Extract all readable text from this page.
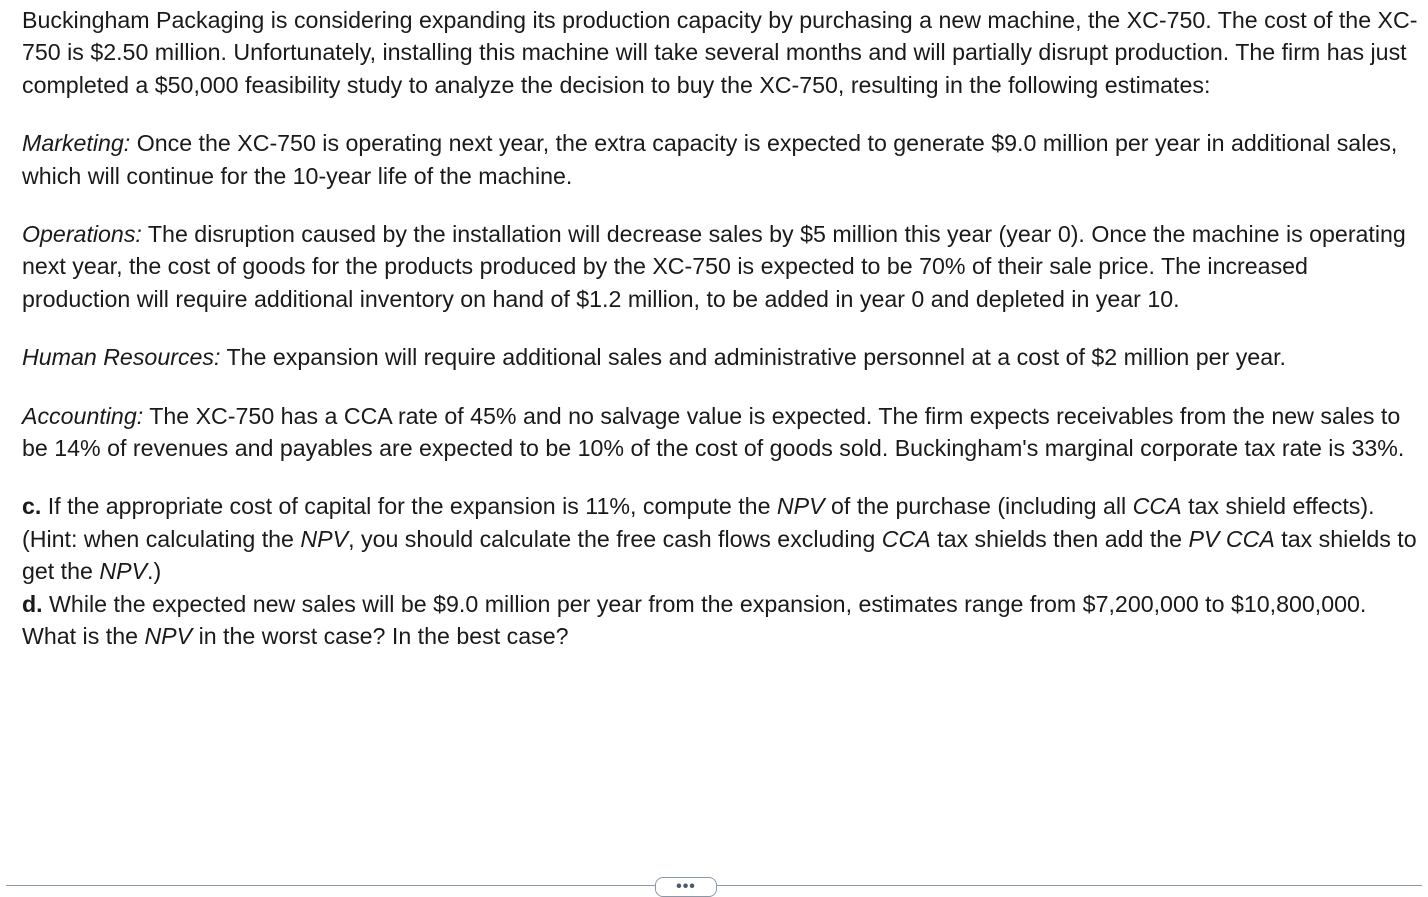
Buckingham Packaging is considering expanding its production capacity by purchasing a new machine, the XC-750. The cost of the XC-750 is $2.50 million. Unfortunately, installing this machine will take several months and will partially disrupt production. The firm has just completed a $50,000 feasibility study to analyze the decision to buy the XC-750, resulting in the following estimates:

Marketing: Once the XC-750 is operating next year, the extra capacity is expected to generate $9.0 million per year in additional sales, which will continue for the 10-year life of the machine.

Operations: The disruption caused by the installation will decrease sales by $5 million this year (year 0). Once the machine is operating next year, the cost of goods for the products produced by the XC-750 is expected to be 70% of their sale price. The increased production will require additional inventory on hand of $1.2 million, to be added in year 0 and depleted in year 10.

Human Resources: The expansion will require additional sales and administrative personnel at a cost of $2 million per year.

Accounting: The XC-750 has a CCA rate of 45% and no salvage value is expected. The firm expects receivables from the new sales to be 14% of revenues and payables are expected to be 10% of the cost of goods sold. Buckingham's marginal corporate tax rate is 33%.

c. If the appropriate cost of capital for the expansion is 11%, compute the NPV of the purchase (including all CCA tax shield effects). (Hint: when calculating the NPV, you should calculate the free cash flows excluding CCA tax shields then add the PV CCA tax shields to get the NPV.)

d. While the expected new sales will be $9.0 million per year from the expansion, estimates range from $7,200,000 to $10,800,000. What is the NPV in the worst case? In the best case?

•••
